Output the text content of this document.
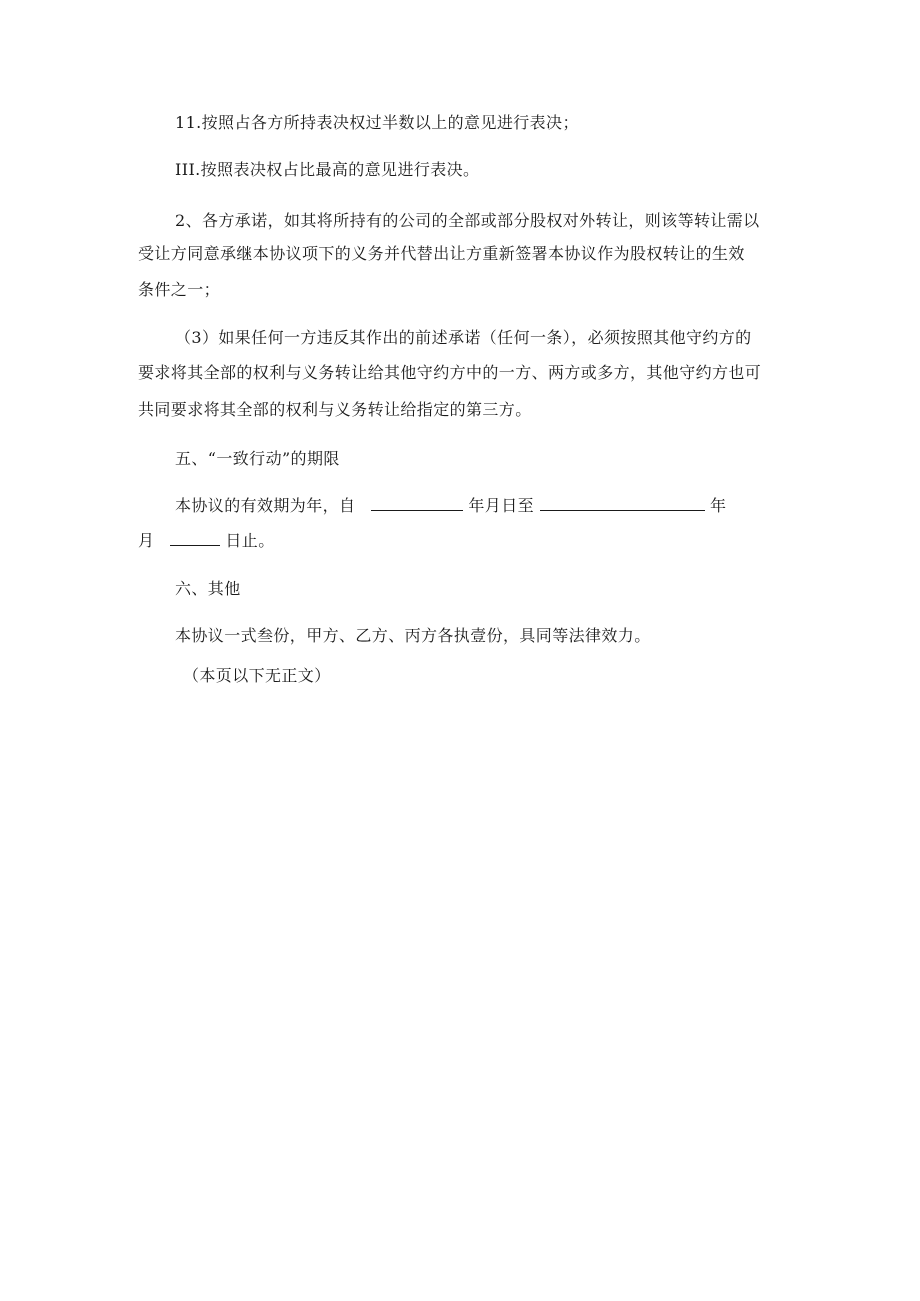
11.按照占各方所持表决权过半数以上的意见进行表决；
III.按照表决权占比最高的意见进行表决。
2、各方承诺，如其将所持有的公司的全部或部分股权对外转让，则该等转让需以
受让方同意承继本协议项下的义务并代替出让方重新签署本协议作为股权转让的生效
条件之一；
（3）如果任何一方违反其作出的前述承诺（任何一条），必须按照其他守约方的
要求将其全部的权利与义务转让给其他守约方中的一方、两方或多方，其他守约方也可
共同要求将其全部的权利与义务转让给指定的第三方。
五、“一致行动”的期限
本协议的有效期为年，自	年月日至	年
月	日止。
六、其他
本协议一式叁份，甲方、乙方、丙方各执壹份，具同等法律效力。
（本页以下无正文）
